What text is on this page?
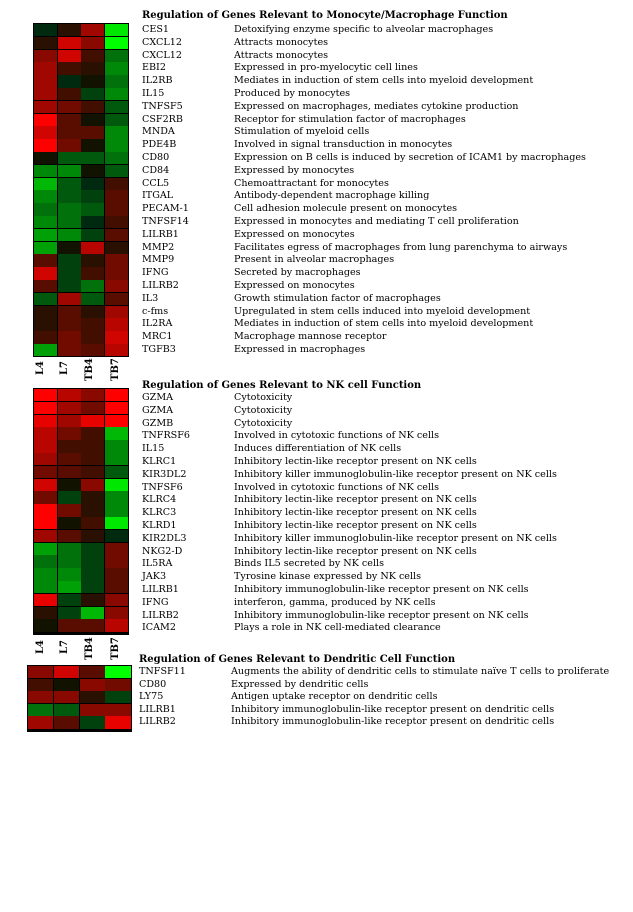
Regulation of Genes Relevant to Monocyte/Macrophage Function
CES1	Detoxifying enzyme specific to alveolar macrophages
CXCL12	Attracts monocytes
CXCL12	Attracts monocytes
EBI2	Expressed in pro-myelocytic cell lines
IL2RB	Mediates in induction of stem cells into myeloid development
IL15	Produced by monocytes
TNFSF5	Expressed on macrophages, mediates cytokine production
CSF2RB	Receptor for stimulation factor of macrophages
MNDA	Stimulation of myeloid cells
PDE4B	Involved in signal transduction in monocytes
CD80	Expression on B cells is induced by secretion of ICAM1 by macrophages
CD84	Expressed by monocytes
CCL5	Chemoattractant for monocytes
ITGAL	Antibody-dependent macrophage killing
PECAM-1	Cell adhesion molecule present on monocytes
TNFSF14	Expressed in monocytes and mediating T cell proliferation
LILRB1	Expressed on monocytes
MMP2	Facilitates egress of macrophages from lung parenchyma to airways
MMP9	Present in alveolar macrophages
IFNG	Secreted by macrophages
LILRB2	Expressed on monocytes
IL3	Growth stimulation factor of macrophages
c-fms	Upregulated in stem cells induced into myeloid development
IL2RA	Mediates in induction of stem cells into myeloid development
MRC1	Macrophage mannose receptor
TGFB3	Expressed in macrophages
L4 L7 TB4 TB7
Regulation of Genes Relevant to NK cell Function
GZMA	Cytotoxicity
GZMA	Cytotoxicity
GZMB	Cytotoxicity
TNFRSF6	Involved in cytotoxic functions of NK cells
IL15	Induces differentiation of NK cells
KLRC1	Inhibitory lectin-like receptor present on NK cells
KIR3DL2	Inhibitory killer immunoglobulin-like receptor present on NK cells
TNFSF6	Involved in cytotoxic functions of NK cells
KLRC4	Inhibitory lectin-like receptor present on NK cells
KLRC3	Inhibitory lectin-like receptor present on NK cells
KLRD1	Inhibitory lectin-like receptor present on NK cells
KIR2DL3	Inhibitory killer immunoglobulin-like receptor present on NK cells
NKG2-D	Inhibitory lectin-like receptor present on NK cells
IL5RA	Binds IL5 secreted by NK cells
JAK3	Tyrosine kinase expressed by NK cells
LILRB1	Inhibitory immunoglobulin-like receptor present on NK cells
IFNG	interferon, gamma, produced by NK cells
LILRB2	Inhibitory immunoglobulin-like receptor present on NK cells
ICAM2	Plays a role in NK cell-mediated clearance
L4 L7 TB4 TB7 Regulation of Genes Relevant to Dendritic Cell Function
TNFSF11	Augments the ability of dendritic cells to stimulate naïve T cells to proliferate
CD80	Expressed by dendritic cells
LY75	Antigen uptake receptor on dendritic cells
LILRB1	Inhibitory immunoglobulin-like receptor present on dendritic cells
LILRB2	Inhibitory immunoglobulin-like receptor present on dendritic cells
